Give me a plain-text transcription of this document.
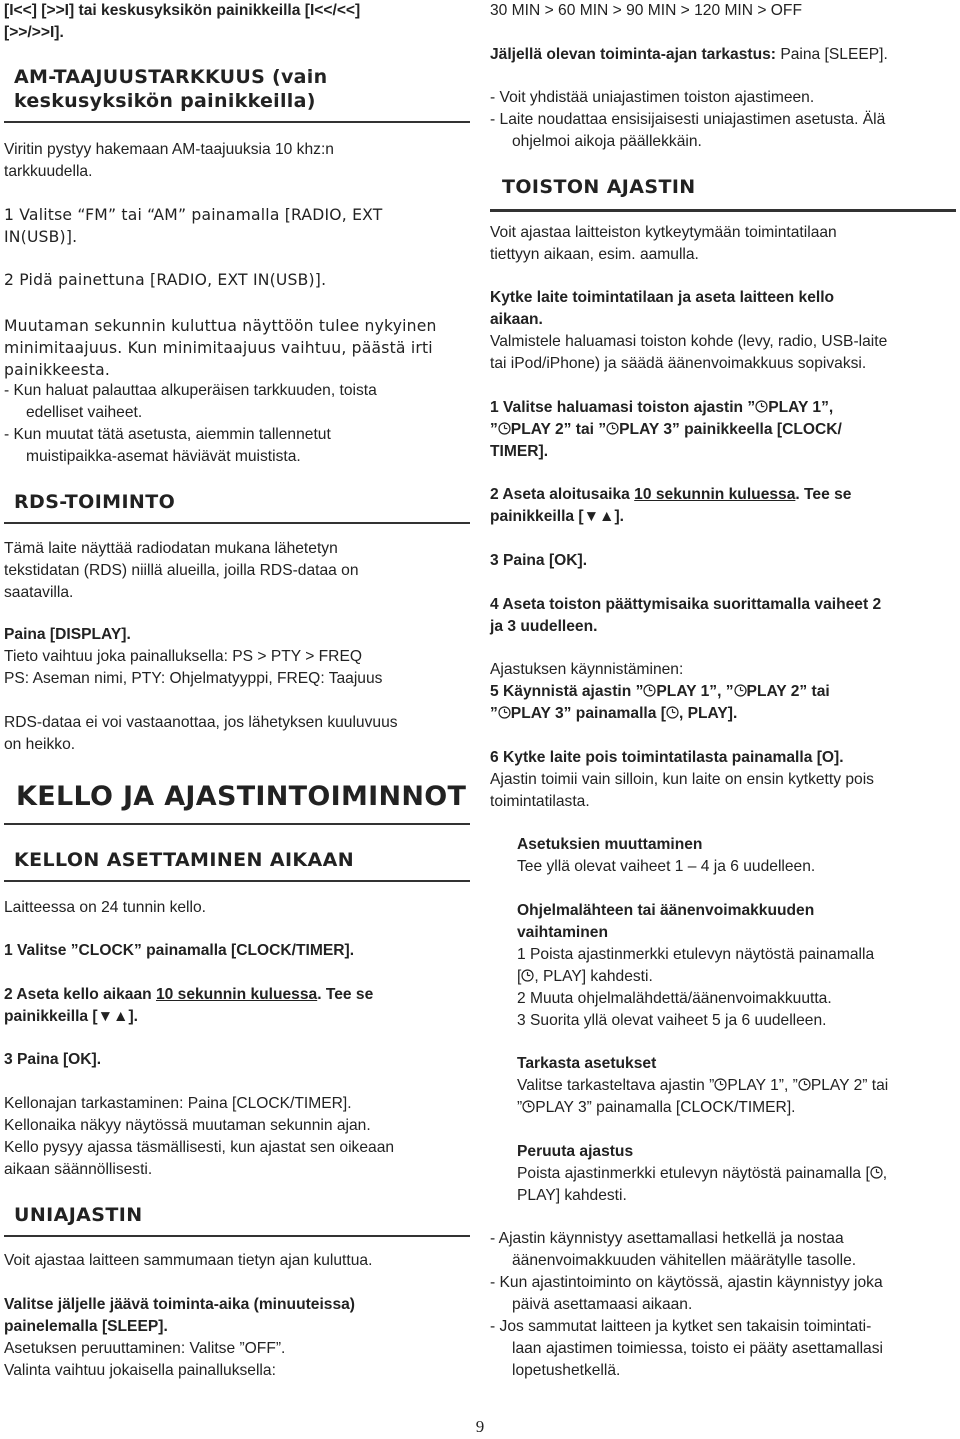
[I<<] [>>I] tai keskusyksikön painikkeilla [I<</<<]

[>>/>>I].

AM-TAAJUUSTARKKUUS (vain
keskusyksikön painikkeilla)

Viritin pystyy hakemaan AM-taajuuksia 10 khz:n

tarkkuudella.

1 Valitse “FM” tai “AM” painamalla [RADIO, EXT

IN(USB)].

2 Pidä painettuna [RADIO, EXT IN(USB)].

Muutaman sekunnin kuluttua näyttöön tulee nykyinen

minimitaajuus. Kun minimitaajuus vaihtuu, päästä irti

painikkeesta.

- Kun haluat palauttaa alkuperäisen tarkkuuden, toista

edelliset vaiheet.

- Kun muutat tätä asetusta, aiemmin tallennetut

muistipaikka-asemat häviävät muistista.

RDS-TOIMINTO

Tämä laite näyttää radiodatan mukana lähetetyn

tekstidatan (RDS) niillä alueilla, joilla RDS-dataa on

saatavilla.

Paina [DISPLAY].

Tieto vaihtuu joka painalluksella: PS > PTY > FREQ

PS: Aseman nimi, PTY: Ohjelmatyyppi, FREQ: Taajuus

RDS-dataa ei voi vastaanottaa, jos lähetyksen kuuluvuus

on heikko.

KELLO JA AJASTINTOIMINNOT
KELLON ASETTAMINEN AIKAAN

Laitteessa on 24 tunnin kello.

1 Valitse ”CLOCK” painamalla [CLOCK/TIMER].

2 Aseta kello aikaan 10 sekunnin kuluessa. Tee se

painikkeilla [▼▲].

3 Paina [OK].

Kellonajan tarkastaminen: Paina [CLOCK/TIMER].

Kellonaika näkyy näytössä muutaman sekunnin ajan.

Kello pysyy ajassa täsmällisesti, kun ajastat sen oikeaan

aikaan säännöllisesti.

UNIAJASTIN

Voit ajastaa laitteen sammumaan tietyn ajan kuluttua.

Valitse jäljelle jäävä toiminta-aika (minuuteissa)

painelemalla [SLEEP].

Asetuksen peruuttaminen: Valitse ”OFF”.

Valinta vaihtuu jokaisella painalluksella:

30 MIN > 60 MIN > 90 MIN > 120 MIN > OFF

Jäljellä olevan toiminta-ajan tarkastus: Paina [SLEEP].

- Voit yhdistää uniajastimen toiston ajastimeen.

- Laite noudattaa ensisijaisesti uniajastimen asetusta. Älä

ohjelmoi aikoja päällekkäin.

TOISTON AJASTIN

Voit ajastaa laitteiston kytkeytymään toimintatilaan

tiettyyn aikaan, esim. aamulla.

Kytke laite toimintatilaan ja aseta laitteen kello

aikaan.

Valmistele haluamasi toiston kohde (levy, radio, USB-laite

tai iPod/iPhone) ja säädä äänenvoimakkuus sopivaksi.

1 Valitse haluamasi toiston ajastin ” PLAY 1”,

” PLAY 2” tai ” PLAY 3” painikkeella [CLOCK/

TIMER].

2 Aseta aloitusaika 10 sekunnin kuluessa. Tee se

painikkeilla [▼▲].

3 Paina [OK].

4 Aseta toiston päättymisaika suorittamalla vaiheet 2

ja 3 uudelleen.

Ajastuksen käynnistäminen:

5 Käynnistä ajastin ” PLAY 1”, ” PLAY 2” tai

” PLAY 3” painamalla [ , PLAY].

6 Kytke laite pois toimintatilasta painamalla [O].

Ajastin toimii vain silloin, kun laite on ensin kytketty pois

toimintatilasta.

Asetuksien muuttaminen

Tee yllä olevat vaiheet 1 – 4 ja 6 uudelleen.

Ohjelmalähteen tai äänenvoimakkuuden

vaihtaminen

1 Poista ajastinmerkki etulevyn näytöstä painamalla

[ , PLAY] kahdesti.

2 Muuta ohjelmalähdettä/äänenvoimakkuutta.

3 Suorita yllä olevat vaiheet 5 ja 6 uudelleen.

Tarkasta asetukset

Valitse tarkasteltava ajastin ” PLAY 1”, ” PLAY 2” tai

” PLAY 3” painamalla [CLOCK/TIMER].

Peruuta ajastus

Poista ajastinmerkki etulevyn näytöstä painamalla [ ,

PLAY] kahdesti.

- Ajastin käynnistyy asettamallasi hetkellä ja nostaa

äänenvoimakkuuden vähitellen määrätylle tasolle.

- Kun ajastintoiminto on käytössä, ajastin käynnistyy joka

päivä asettamaasi aikaan.

- Jos sammutat laitteen ja kytket sen takaisin toimintati-

laan ajastimen toimiessa, toisto ei pääty asettamallasi

lopetushetkellä.

9
